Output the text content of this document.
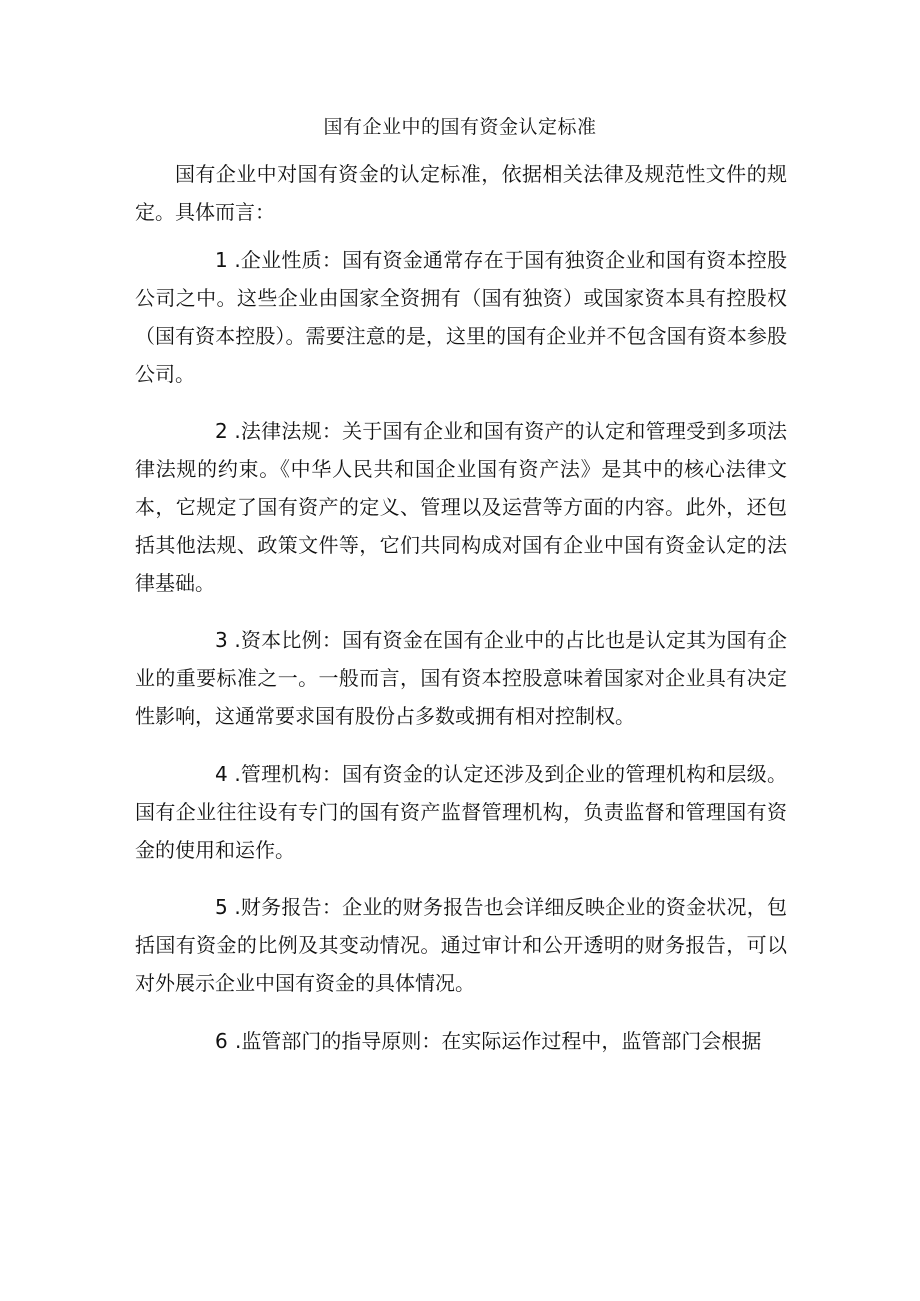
国有企业中的国有资金认定标准

国有企业中对国有资金的认定标准，依据相关法律及规范性文件的规定。具体而言：

1 .企业性质：国有资金通常存在于国有独资企业和国有资本控股公司之中。这些企业由国家全资拥有（国有独资）或国家资本具有控股权（国有资本控股）。需要注意的是，这里的国有企业并不包含国有资本参股公司。

2 .法律法规：关于国有企业和国有资产的认定和管理受到多项法律法规的约束。《中华人民共和国企业国有资产法》是其中的核心法律文本，它规定了国有资产的定义、管理以及运营等方面的内容。此外，还包括其他法规、政策文件等，它们共同构成对国有企业中国有资金认定的法律基础。

3 .资本比例：国有资金在国有企业中的占比也是认定其为国有企业的重要标准之一。一般而言，国有资本控股意味着国家对企业具有决定性影响，这通常要求国有股份占多数或拥有相对控制权。

4 .管理机构：国有资金的认定还涉及到企业的管理机构和层级。国有企业往往设有专门的国有资产监督管理机构，负责监督和管理国有资金的使用和运作。

5 .财务报告：企业的财务报告也会详细反映企业的资金状况，包括国有资金的比例及其变动情况。通过审计和公开透明的财务报告，可以对外展示企业中国有资金的具体情况。

6 .监管部门的指导原则：在实际运作过程中，监管部门会根据
